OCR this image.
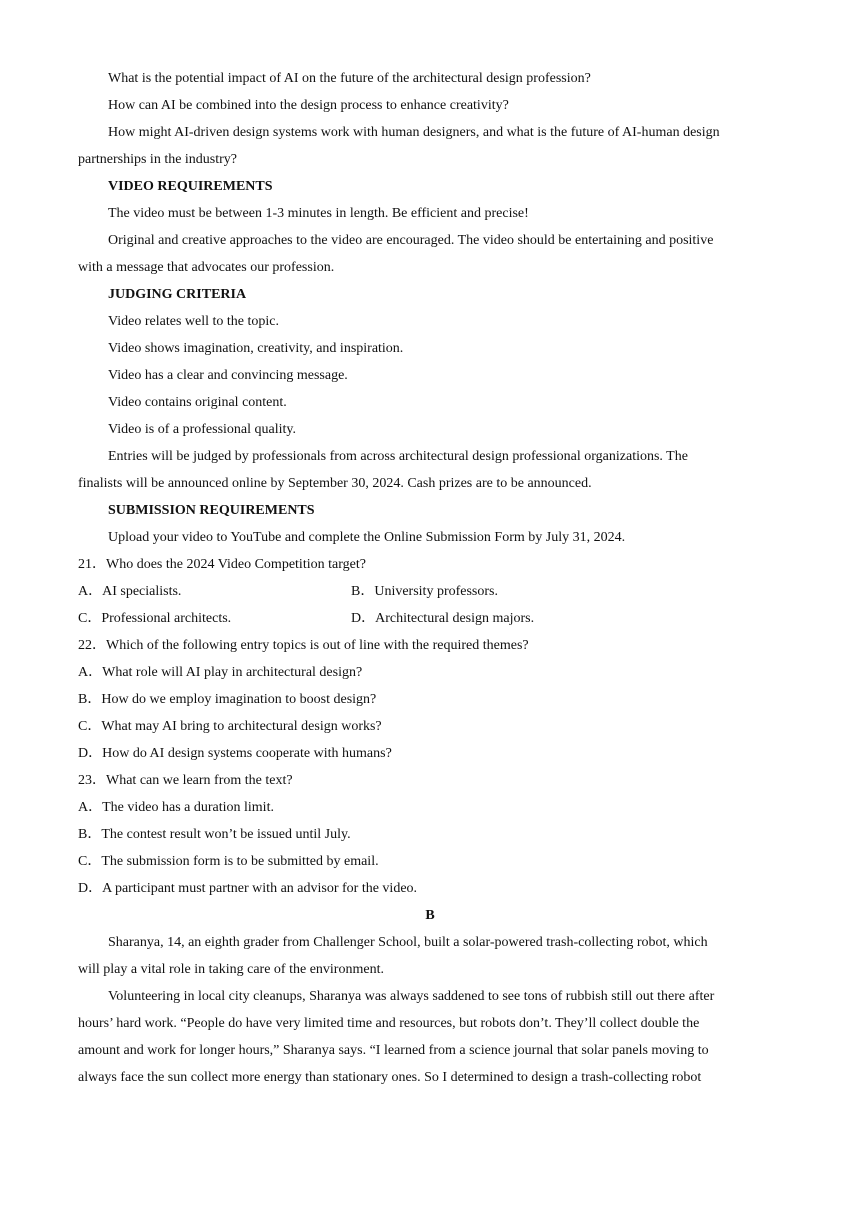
What is the potential impact of AI on the future of the architectural design profession?
How can AI be combined into the design process to enhance creativity?
How might AI-driven design systems work with human designers, and what is the future of AI-human design
partnerships in the industry?
VIDEO REQUIREMENTS
The video must be between 1-3 minutes in length. Be efficient and precise!
Original and creative approaches to the video are encouraged. The video should be entertaining and positive
with a message that advocates our profession.
JUDGING CRITERIA
Video relates well to the topic.
Video shows imagination, creativity, and inspiration.
Video has a clear and convincing message.
Video contains original content.
Video is of a professional quality.
Entries will be judged by professionals from across architectural design professional organizations. The
finalists will be announced online by September 30, 2024. Cash prizes are to be announced.
SUBMISSION REQUIREMENTS
Upload your video to YouTube and complete the Online Submission Form by July 31, 2024.
21．Who does the 2024 Video Competition target?
A．AI specialists.	B．University professors.
C．Professional architects.	D．Architectural design majors.
22．Which of the following entry topics is out of line with the required themes?
A．What role will AI play in architectural design?
B．How do we employ imagination to boost design?
C．What may AI bring to architectural design works?
D．How do AI design systems cooperate with humans?
23．What can we learn from the text?
A．The video has a duration limit.
B．The contest result won’t be issued until July.
C．The submission form is to be submitted by email.
D．A participant must partner with an advisor for the video.
B
Sharanya, 14, an eighth grader from Challenger School, built a solar-powered trash-collecting robot, which
will play a vital role in taking care of the environment.
Volunteering in local city cleanups, Sharanya was always saddened to see tons of rubbish still out there after
hours’ hard work. “People do have very limited time and resources, but robots don’t. They’ll collect double the
amount and work for longer hours,” Sharanya says. “I learned from a science journal that solar panels moving to
always face the sun collect more energy than stationary ones. So I determined to design a trash-collecting robot
